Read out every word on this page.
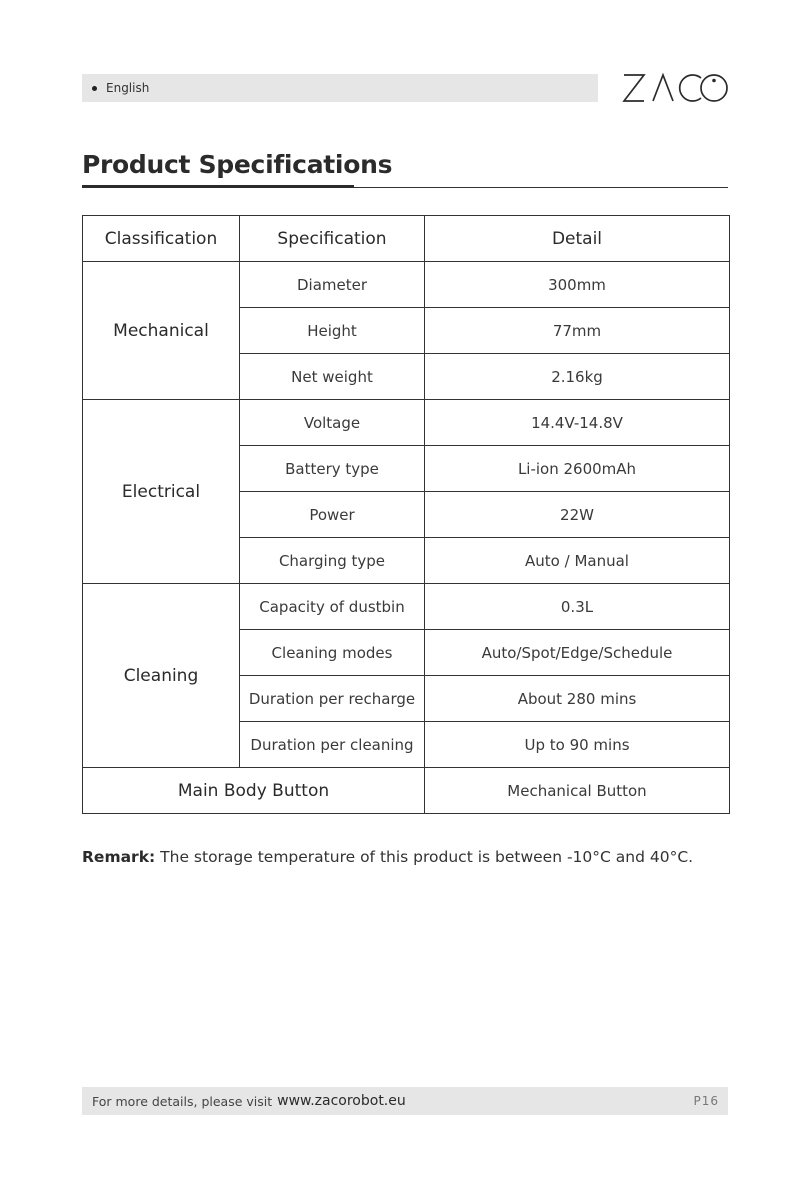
English
Product Specifications
Classification	Specification	Detail
Mechanical	Diameter	300mm
	Height	77mm
	Net weight	2.16kg
Electrical	Voltage	14.4V-14.8V
	Battery type	Li-ion 2600mAh
	Power	22W
	Charging type	Auto / Manual
Cleaning	Capacity of dustbin	0.3L
	Cleaning modes	Auto/Spot/Edge/Schedule
	Duration per recharge	About 280 mins
	Duration per cleaning	Up to 90 mins
Main Body Button		Mechanical Button
Remark: The storage temperature of this product is between -10°C and 40°C.
For more details, please visit www.zacorobot.eu	P16
